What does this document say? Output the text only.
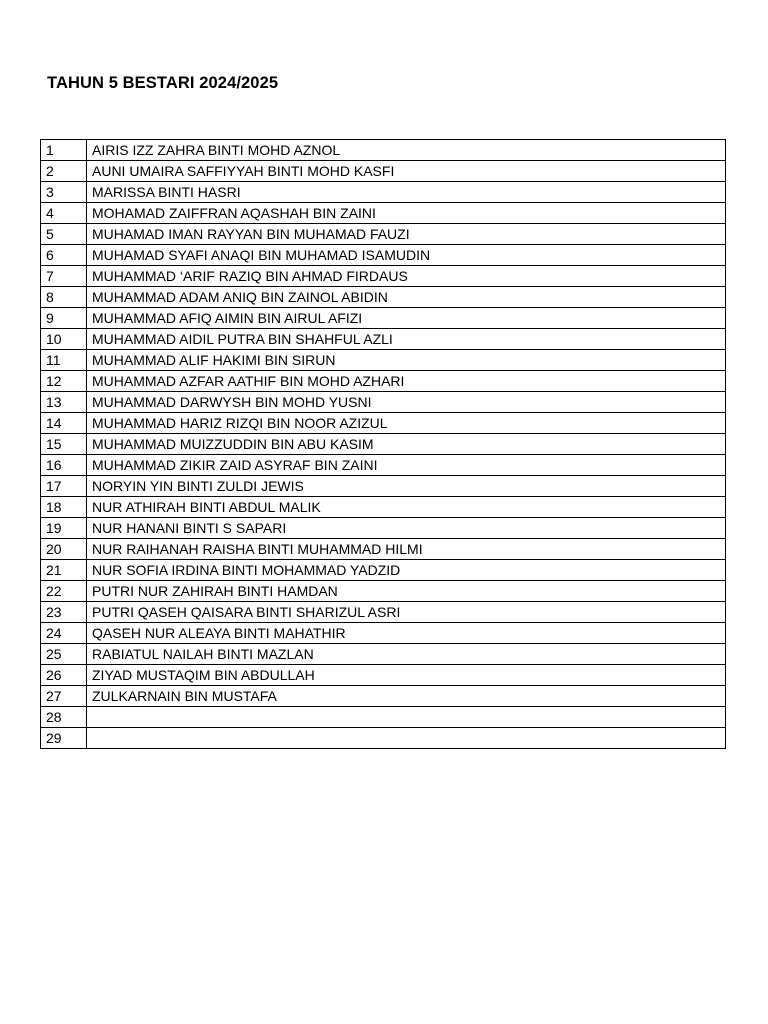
TAHUN 5 BESTARI 2024/2025
1	AIRIS IZZ ZAHRA BINTI MOHD AZNOL
2	AUNI UMAIRA SAFFIYYAH BINTI MOHD KASFI
3	MARISSA BINTI HASRI
4	MOHAMAD ZAIFFRAN AQASHAH BIN ZAINI
5	MUHAMAD IMAN RAYYAN BIN MUHAMAD FAUZI
6	MUHAMAD SYAFI ANAQI BIN MUHAMAD ISAMUDIN
7	MUHAMMAD ‘ARIF RAZIQ BIN AHMAD FIRDAUS
8	MUHAMMAD ADAM ANIQ BIN ZAINOL ABIDIN
9	MUHAMMAD AFIQ AIMIN BIN AIRUL AFIZI
10	MUHAMMAD AIDIL PUTRA BIN SHAHFUL AZLI
11	MUHAMMAD ALIF HAKIMI BIN SIRUN
12	MUHAMMAD AZFAR AATHIF BIN MOHD AZHARI
13	MUHAMMAD DARWYSH BIN MOHD YUSNI
14	MUHAMMAD HARIZ RIZQI BIN NOOR AZIZUL
15	MUHAMMAD MUIZZUDDIN BIN ABU KASIM
16	MUHAMMAD ZIKIR ZAID ASYRAF BIN ZAINI
17	NORYIN YIN BINTI ZULDI JEWIS
18	NUR ATHIRAH BINTI ABDUL MALIK
19	NUR HANANI BINTI S SAPARI
20	NUR RAIHANAH RAISHA BINTI MUHAMMAD HILMI
21	NUR SOFIA IRDINA BINTI MOHAMMAD YADZID
22	PUTRI NUR ZAHIRAH BINTI HAMDAN
23	PUTRI QASEH QAISARA BINTI SHARIZUL ASRI
24	QASEH NUR ALEAYA BINTI MAHATHIR
25	RABIATUL NAILAH BINTI MAZLAN
26	ZIYAD MUSTAQIM BIN ABDULLAH
27	ZULKARNAIN BIN MUSTAFA
28	
29	
